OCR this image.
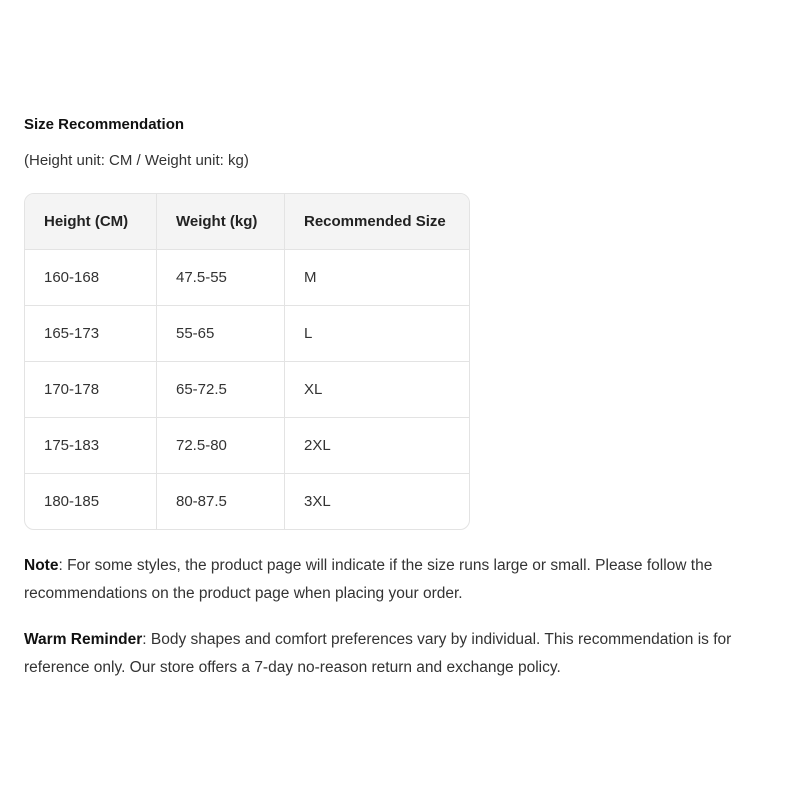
Size Recommendation
(Height unit: CM / Weight unit: kg)
Height (CM)	Weight (kg)	Recommended Size
160-168	47.5-55	M
165-173	55-65	L
170-178	65-72.5	XL
175-183	72.5-80	2XL
180-185	80-87.5	3XL

Note: For some styles, the product page will indicate if the size runs large or small. Please follow the recommendations on the product page when placing your order.

Warm Reminder: Body shapes and comfort preferences vary by individual. This recommendation is for reference only. Our store offers a 7-day no-reason return and exchange policy.
